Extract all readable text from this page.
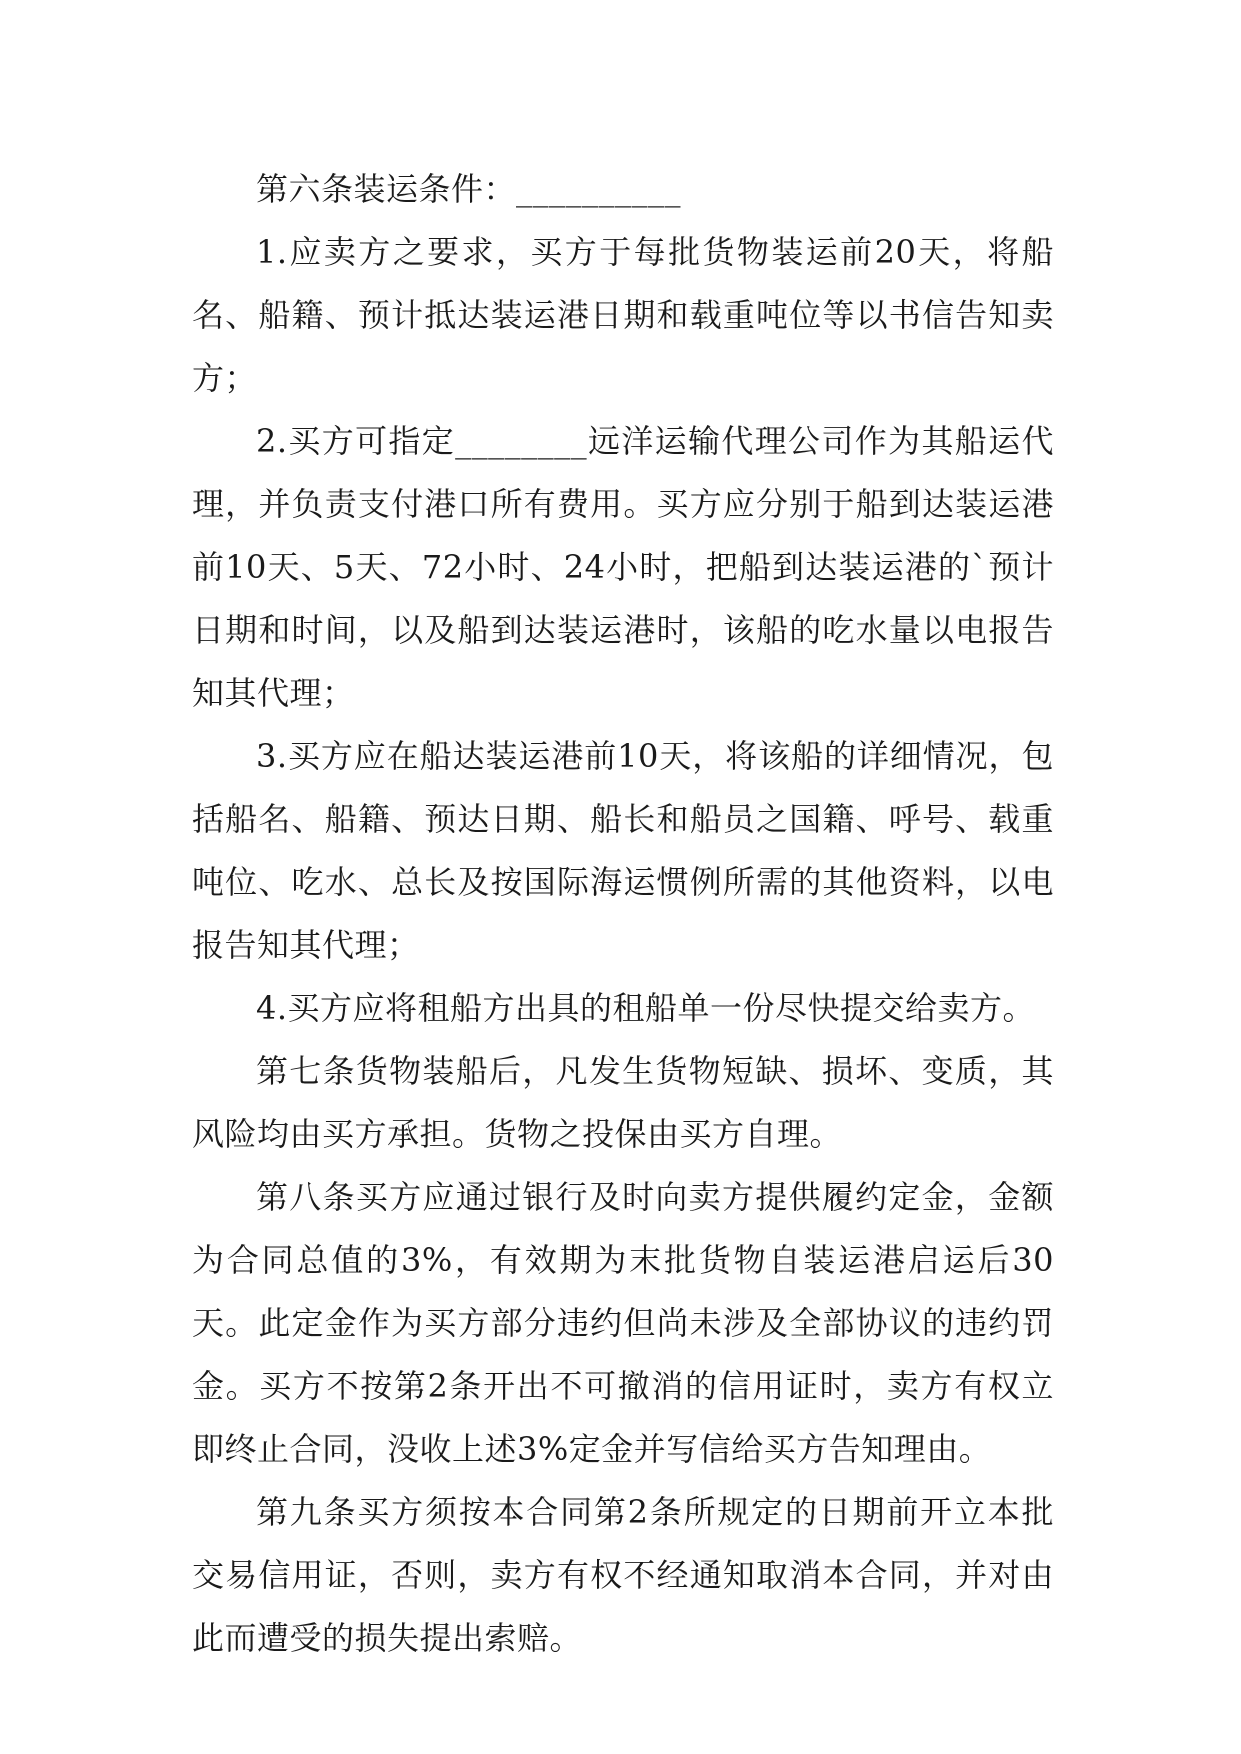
第六条装运条件：__________

1.应卖方之要求，买方于每批货物装运前20天，将船名、船籍、预计抵达装运港日期和载重吨位等以书信告知卖方；

2.买方可指定________远洋运输代理公司作为其船运代理，并负责支付港口所有费用。买方应分别于船到达装运港前10天、5天、72小时、24小时，把船到达装运港的`预计日期和时间，以及船到达装运港时，该船的吃水量以电报告知其代理；

3.买方应在船达装运港前10天，将该船的详细情况，包括船名、船籍、预达日期、船长和船员之国籍、呼号、载重吨位、吃水、总长及按国际海运惯例所需的其他资料，以电报告知其代理；

4.买方应将租船方出具的租船单一份尽快提交给卖方。

第七条货物装船后，凡发生货物短缺、损坏、变质，其风险均由买方承担。货物之投保由买方自理。

第八条买方应通过银行及时向卖方提供履约定金，金额为合同总值的3%，有效期为末批货物自装运港启运后30天。此定金作为买方部分违约但尚未涉及全部协议的违约罚金。买方不按第2条开出不可撤消的信用证时，卖方有权立即终止合同，没收上述3%定金并写信给买方告知理由。

第九条买方须按本合同第2条所规定的日期前开立本批交易信用证，否则，卖方有权不经通知取消本合同，并对由此而遭受的损失提出索赔。
